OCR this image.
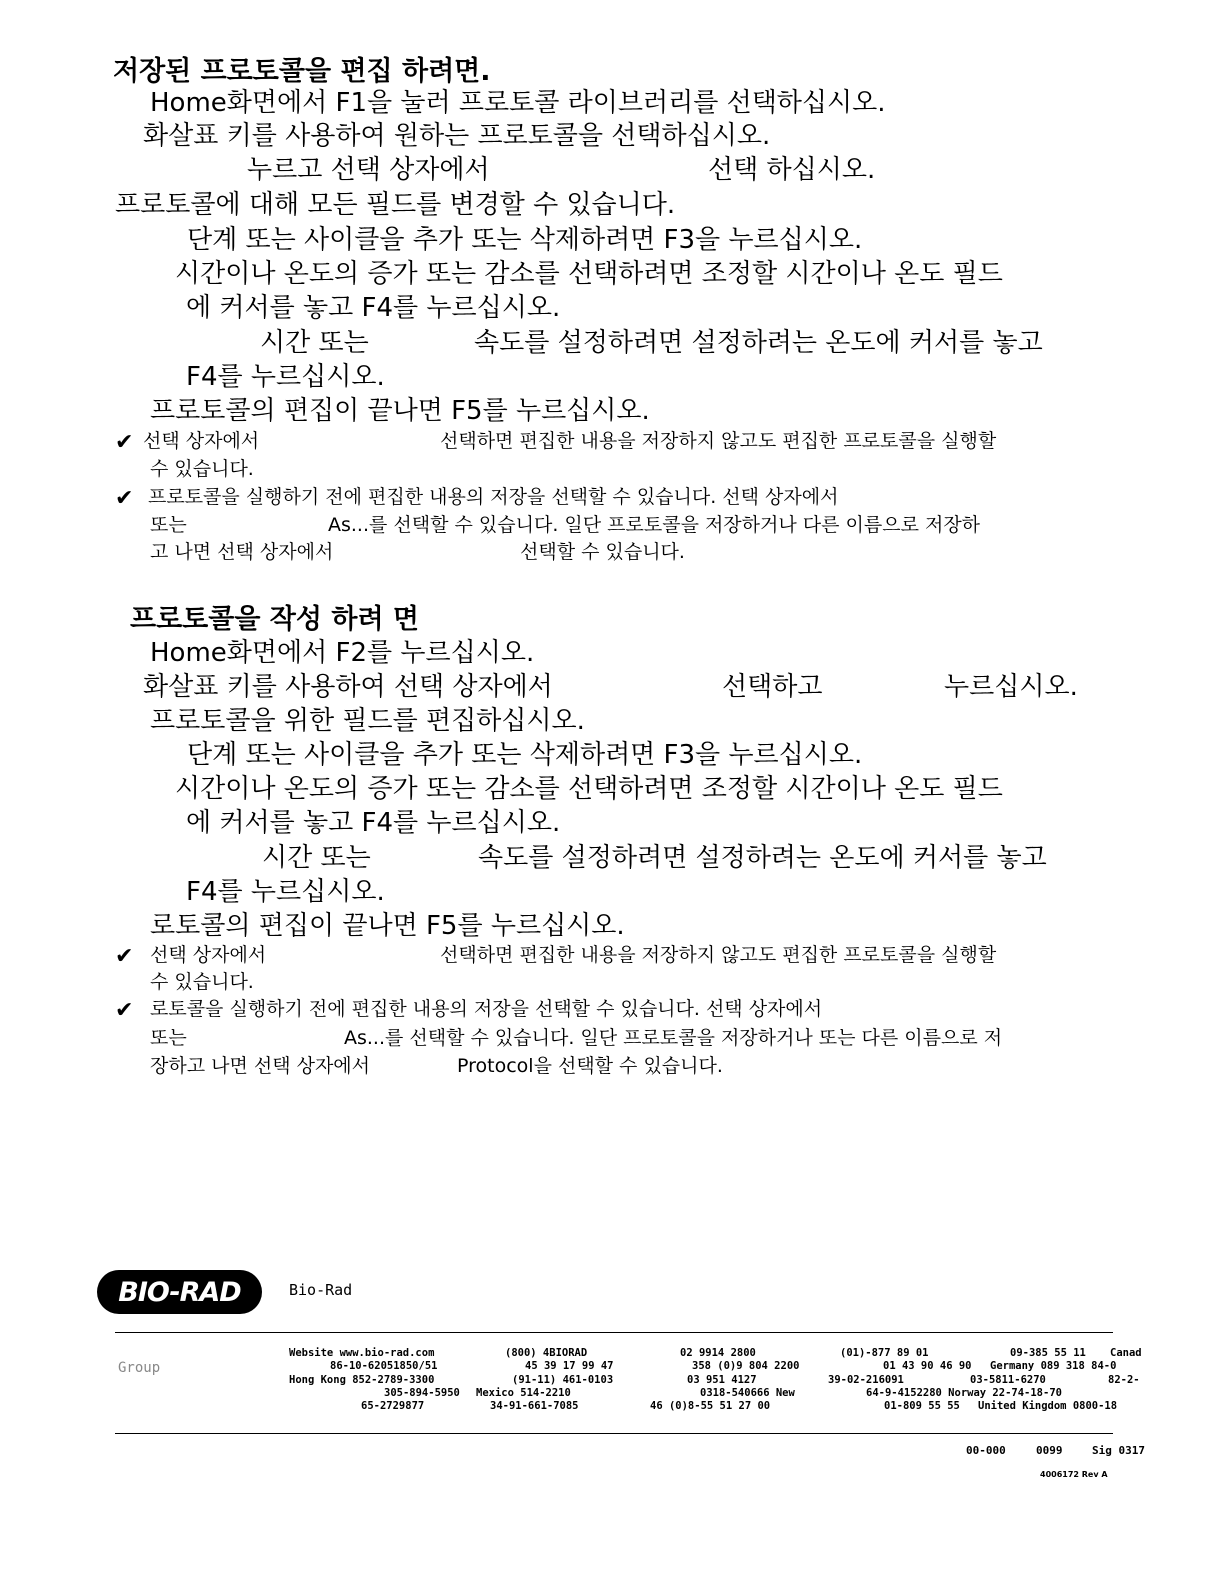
저장된 프로토콜을 편집 하려면.
Home화면에서 F1을 눌러 프로토콜 라이브러리를 선택하십시오.
화살표 키를 사용하여 원하는 프로토콜을 선택하십시오.
누르고 선택 상자에서	선택 하십시오.
프로토콜에 대해 모든 필드를 변경할 수 있습니다.
단계 또는 사이클을 추가 또는 삭제하려면 F3을 누르십시오.
시간이나 온도의 증가 또는 감소를 선택하려면 조정할 시간이나 온도 필드
에 커서를 놓고 F4를 누르십시오.
시간 또는	속도를 설정하려면 설정하려는 온도에 커서를 놓고
F4를 누르십시오.
프로토콜의 편집이 끝나면 F5를 누르십시오.
✔ 선택 상자에서	선택하면 편집한 내용을 저장하지 않고도 편집한 프로토콜을 실행할
수 있습니다.
✔ 프로토콜을 실행하기 전에 편집한 내용의 저장을 선택할 수 있습니다. 선택 상자에서
또는	As...를 선택할 수 있습니다. 일단 프로토콜을 저장하거나 다른 이름으로 저장하
고 나면 선택 상자에서	선택할 수 있습니다.
프로토콜을 작성 하려 면
Home화면에서 F2를 누르십시오.
화살표 키를 사용하여 선택 상자에서	선택하고	누르십시오.
프로토콜을 위한 필드를 편집하십시오.
단계 또는 사이클을 추가 또는 삭제하려면 F3을 누르십시오.
시간이나 온도의 증가 또는 감소를 선택하려면 조정할 시간이나 온도 필드
에 커서를 놓고 F4를 누르십시오.
시간 또는	속도를 설정하려면 설정하려는 온도에 커서를 놓고
F4를 누르십시오.
로토콜의 편집이 끝나면 F5를 누르십시오.
✔ 선택 상자에서	선택하면 편집한 내용을 저장하지 않고도 편집한 프로토콜을 실행할
수 있습니다.
✔ 로토콜을 실행하기 전에 편집한 내용의 저장을 선택할 수 있습니다. 선택 상자에서
또는	As...를 선택할 수 있습니다. 일단 프로토콜을 저장하거나 또는 다른 이름으로 저
장하고 나면 선택 상자에서	Protocol을 선택할 수 있습니다.
BIO-RAD	Bio-Rad
Group
Website www.bio-rad.com	(800) 4BIORAD	02 9914 2800	(01)-877 89 01	09-385 55 11 Canad
86-10-62051850/51	45 39 17 99 47	358 (0)9 804 2200	01 43 90 46 90 Germany 089 318 84-0
Hong Kong 852-2789-3300	(91-11) 461-0103	03 951 4127	39-02-216091	03-5811-6270	82-2-
305-894-5950 Mexico 514-2210	0318-540666 New	64-9-4152280 Norway 22-74-18-70
65-2729877	34-91-661-7085	46 (0)8-55 51 27 00	01-809 55 55 United Kingdom 0800-18
00-000	0099	Sig 0317
4006172 Rev A
